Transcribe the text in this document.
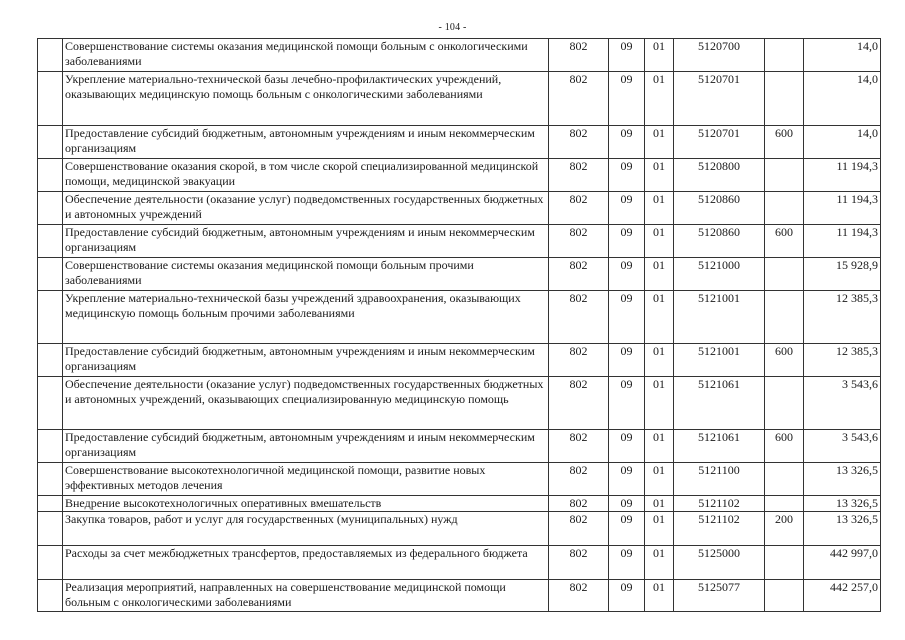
- 104 -
	Совершенствование системы оказания медицинской помощи больным с онкологическими заболеваниями	802	09	01	5120700		14,0
	Укрепление материально-технической базы лечебно-профилактических учреждений, оказывающих медицинскую помощь больным с онкологическими заболеваниями	802	09	01	5120701		14,0
	Предоставление субсидий бюджетным, автономным учреждениям и иным некоммерческим организациям	802	09	01	5120701	600	14,0
	Совершенствование оказания скорой, в том числе скорой специализированной медицинской помощи, медицинской эвакуации	802	09	01	5120800		11 194,3
	Обеспечение деятельности (оказание услуг) подведомственных государственных бюджетных и автономных учреждений	802	09	01	5120860		11 194,3
	Предоставление субсидий бюджетным, автономным учреждениям и иным некоммерческим организациям	802	09	01	5120860	600	11 194,3
	Совершенствование системы оказания медицинской помощи больным прочими заболеваниями	802	09	01	5121000		15 928,9
	Укрепление материально-технической базы учреждений здравоохранения, оказывающих медицинскую помощь больным прочими заболеваниями	802	09	01	5121001		12 385,3
	Предоставление субсидий бюджетным, автономным учреждениям и иным некоммерческим организациям	802	09	01	5121001	600	12 385,3
	Обеспечение деятельности (оказание услуг) подведомственных государственных бюджетных и автономных учреждений, оказывающих специализированную медицинскую помощь	802	09	01	5121061		3 543,6
	Предоставление субсидий бюджетным, автономным учреждениям и иным некоммерческим организациям	802	09	01	5121061	600	3 543,6
	Совершенствование высокотехнологичной медицинской помощи, развитие новых эффективных методов лечения	802	09	01	5121100		13 326,5
	Внедрение высокотехнологичных оперативных вмешательств	802	09	01	5121102		13 326,5
	Закупка товаров, работ и услуг для государственных (муниципальных) нужд	802	09	01	5121102	200	13 326,5
	Расходы за счет межбюджетных трансфертов, предоставляемых из федерального бюджета	802	09	01	5125000		442 997,0
	Реализация мероприятий, направленных на совершенствование медицинской помощи больным с онкологическими заболеваниями	802	09	01	5125077		442 257,0
